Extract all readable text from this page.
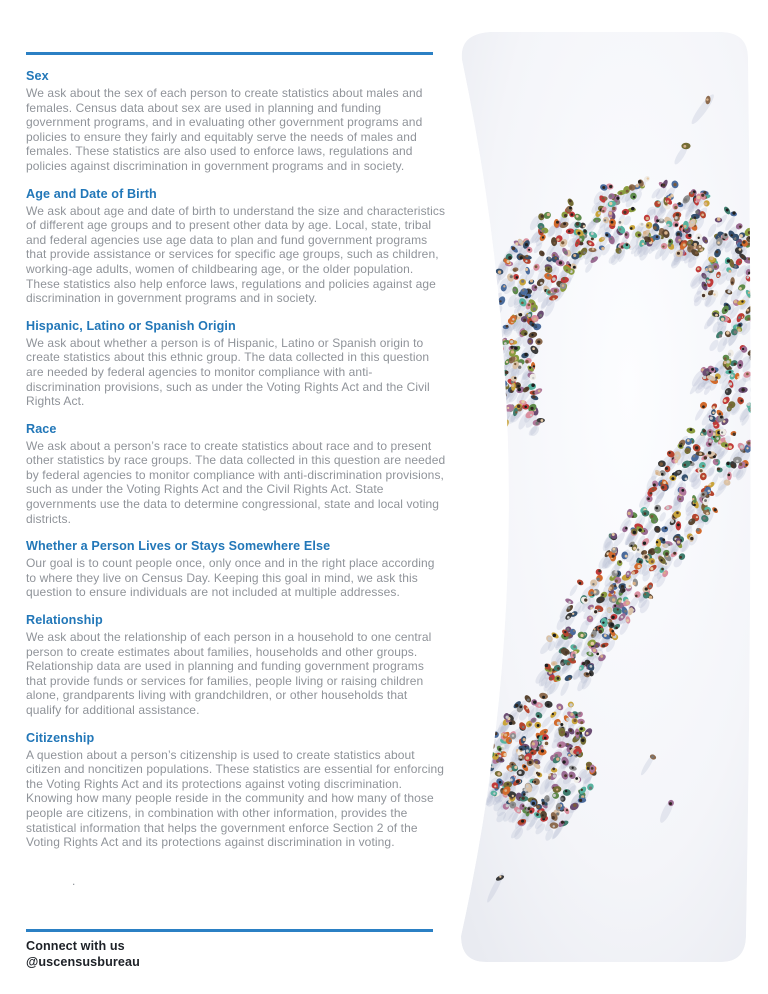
Sex

We ask about the sex of each person to create statistics about males and females. Census data about sex are used in planning and funding government programs, and in evaluating other government programs and policies to ensure they fairly and equitably serve the needs of males and females. These statistics are also used to enforce laws, regulations and policies against discrimination in government programs and in society.

Age and Date of Birth

We ask about age and date of birth to understand the size and characteristics of different age groups and to present other data by age. Local, state, tribal and federal agencies use age data to plan and fund government programs that provide assistance or services for specific age groups, such as children, working-age adults, women of childbearing age, or the older population. These statistics also help enforce laws, regulations and policies against age discrimination in government programs and in society.

Hispanic, Latino or Spanish Origin

We ask about whether a person is of Hispanic, Latino or Spanish origin to create statistics about this ethnic group. The data collected in this question are needed by federal agencies to monitor compliance with anti-discrimination provisions, such as under the Voting Rights Act and the Civil Rights Act.

Race

We ask about a person’s race to create statistics about race and to present other statistics by race groups. The data collected in this question are needed by federal agencies to monitor compliance with anti-discrimination provisions, such as under the Voting Rights Act and the Civil Rights Act. State governments use the data to determine congressional, state and local voting districts.

Whether a Person Lives or Stays Somewhere Else

Our goal is to count people once, only once and in the right place according to where they live on Census Day. Keeping this goal in mind, we ask this question to ensure individuals are not included at multiple addresses.

Relationship

We ask about the relationship of each person in a household to one central person to create estimates about families, households and other groups. Relationship data are used in planning and funding government programs that provide funds or services for families, people living or raising children alone, grandparents living with grandchildren, or other households that qualify for additional assistance.

Citizenship

A question about a person’s citizenship is used to create statistics about citizen and noncitizen populations. These statistics are essential for enforcing the Voting Rights Act and its protections against voting discrimination. Knowing how many people reside in the community and how many of those people are citizens, in combination with other information, provides the statistical information that helps the government enforce Section 2 of the Voting Rights Act and its protections against discrimination in voting.

.
Connect with us
@uscensusbureau
